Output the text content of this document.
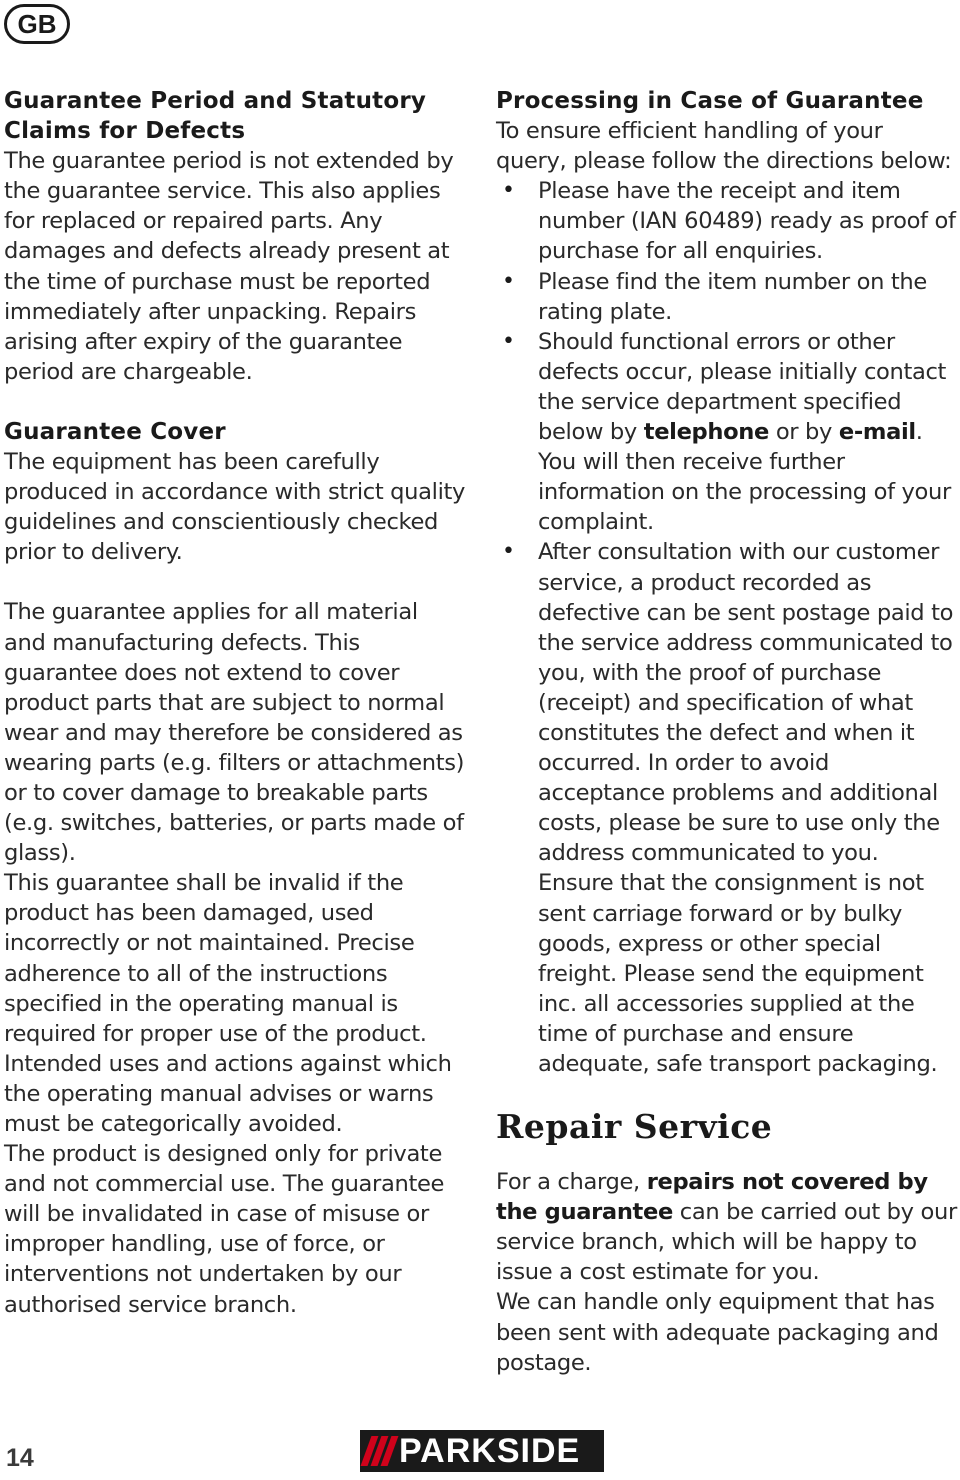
GB
Guarantee Period and Statutory
Claims for Defects

The guarantee period is not extended by the guarantee service. This also applies for replaced or repaired parts. Any damages and defects already present at the time of purchase must be reported immediately after unpacking. Repairs arising after expiry of the guarantee period are chargeable.

Guarantee Cover

The equipment has been carefully produced in accordance with strict quality guidelines and conscientiously checked prior to delivery.

The guarantee applies for all material and manufacturing defects. This guarantee does not extend to cover product parts that are subject to normal wear and may therefore be considered as wearing parts (e.g. filters or attachments) or to cover damage to breakable parts (e.g. switches, batteries, or parts made of glass).

This guarantee shall be invalid if the product has been damaged, used incorrectly or not maintained. Precise adherence to all of the instructions specified in the operating manual is required for proper use of the product. Intended uses and actions against which the operating manual advises or warns must be categorically avoided.

The product is designed only for private and not commercial use. The guarantee will be invalidated in case of misuse or improper handling, use of force, or interventions not undertaken by our authorised service branch.

Processing in Case of Guarantee

To ensure efficient handling of your query, please follow the directions below:

• Please have the receipt and item number (IAN 60489) ready as proof of purchase for all enquiries.
• Please find the item number on the rating plate.
• Should functional errors or other defects occur, please initially contact the service department specified below by telephone or by e-mail. You will then receive further information on the processing of your complaint.
• After consultation with our customer service, a product recorded as defective can be sent postage paid to the service address communicated to you, with the proof of purchase (receipt) and specification of what constitutes the defect and when it occurred. In order to avoid acceptance problems and additional costs, please be sure to use only the address communicated to you. Ensure that the consignment is not sent carriage forward or by bulky goods, express or other special freight. Please send the equipment inc. all accessories supplied at the time of purchase and ensure adequate, safe transport packaging.
Repair Service

For a charge, repairs not covered by the guarantee can be carried out by our service branch, which will be happy to issue a cost estimate for you.

We can handle only equipment that has been sent with adequate packaging and postage.

14	PARKSIDE
